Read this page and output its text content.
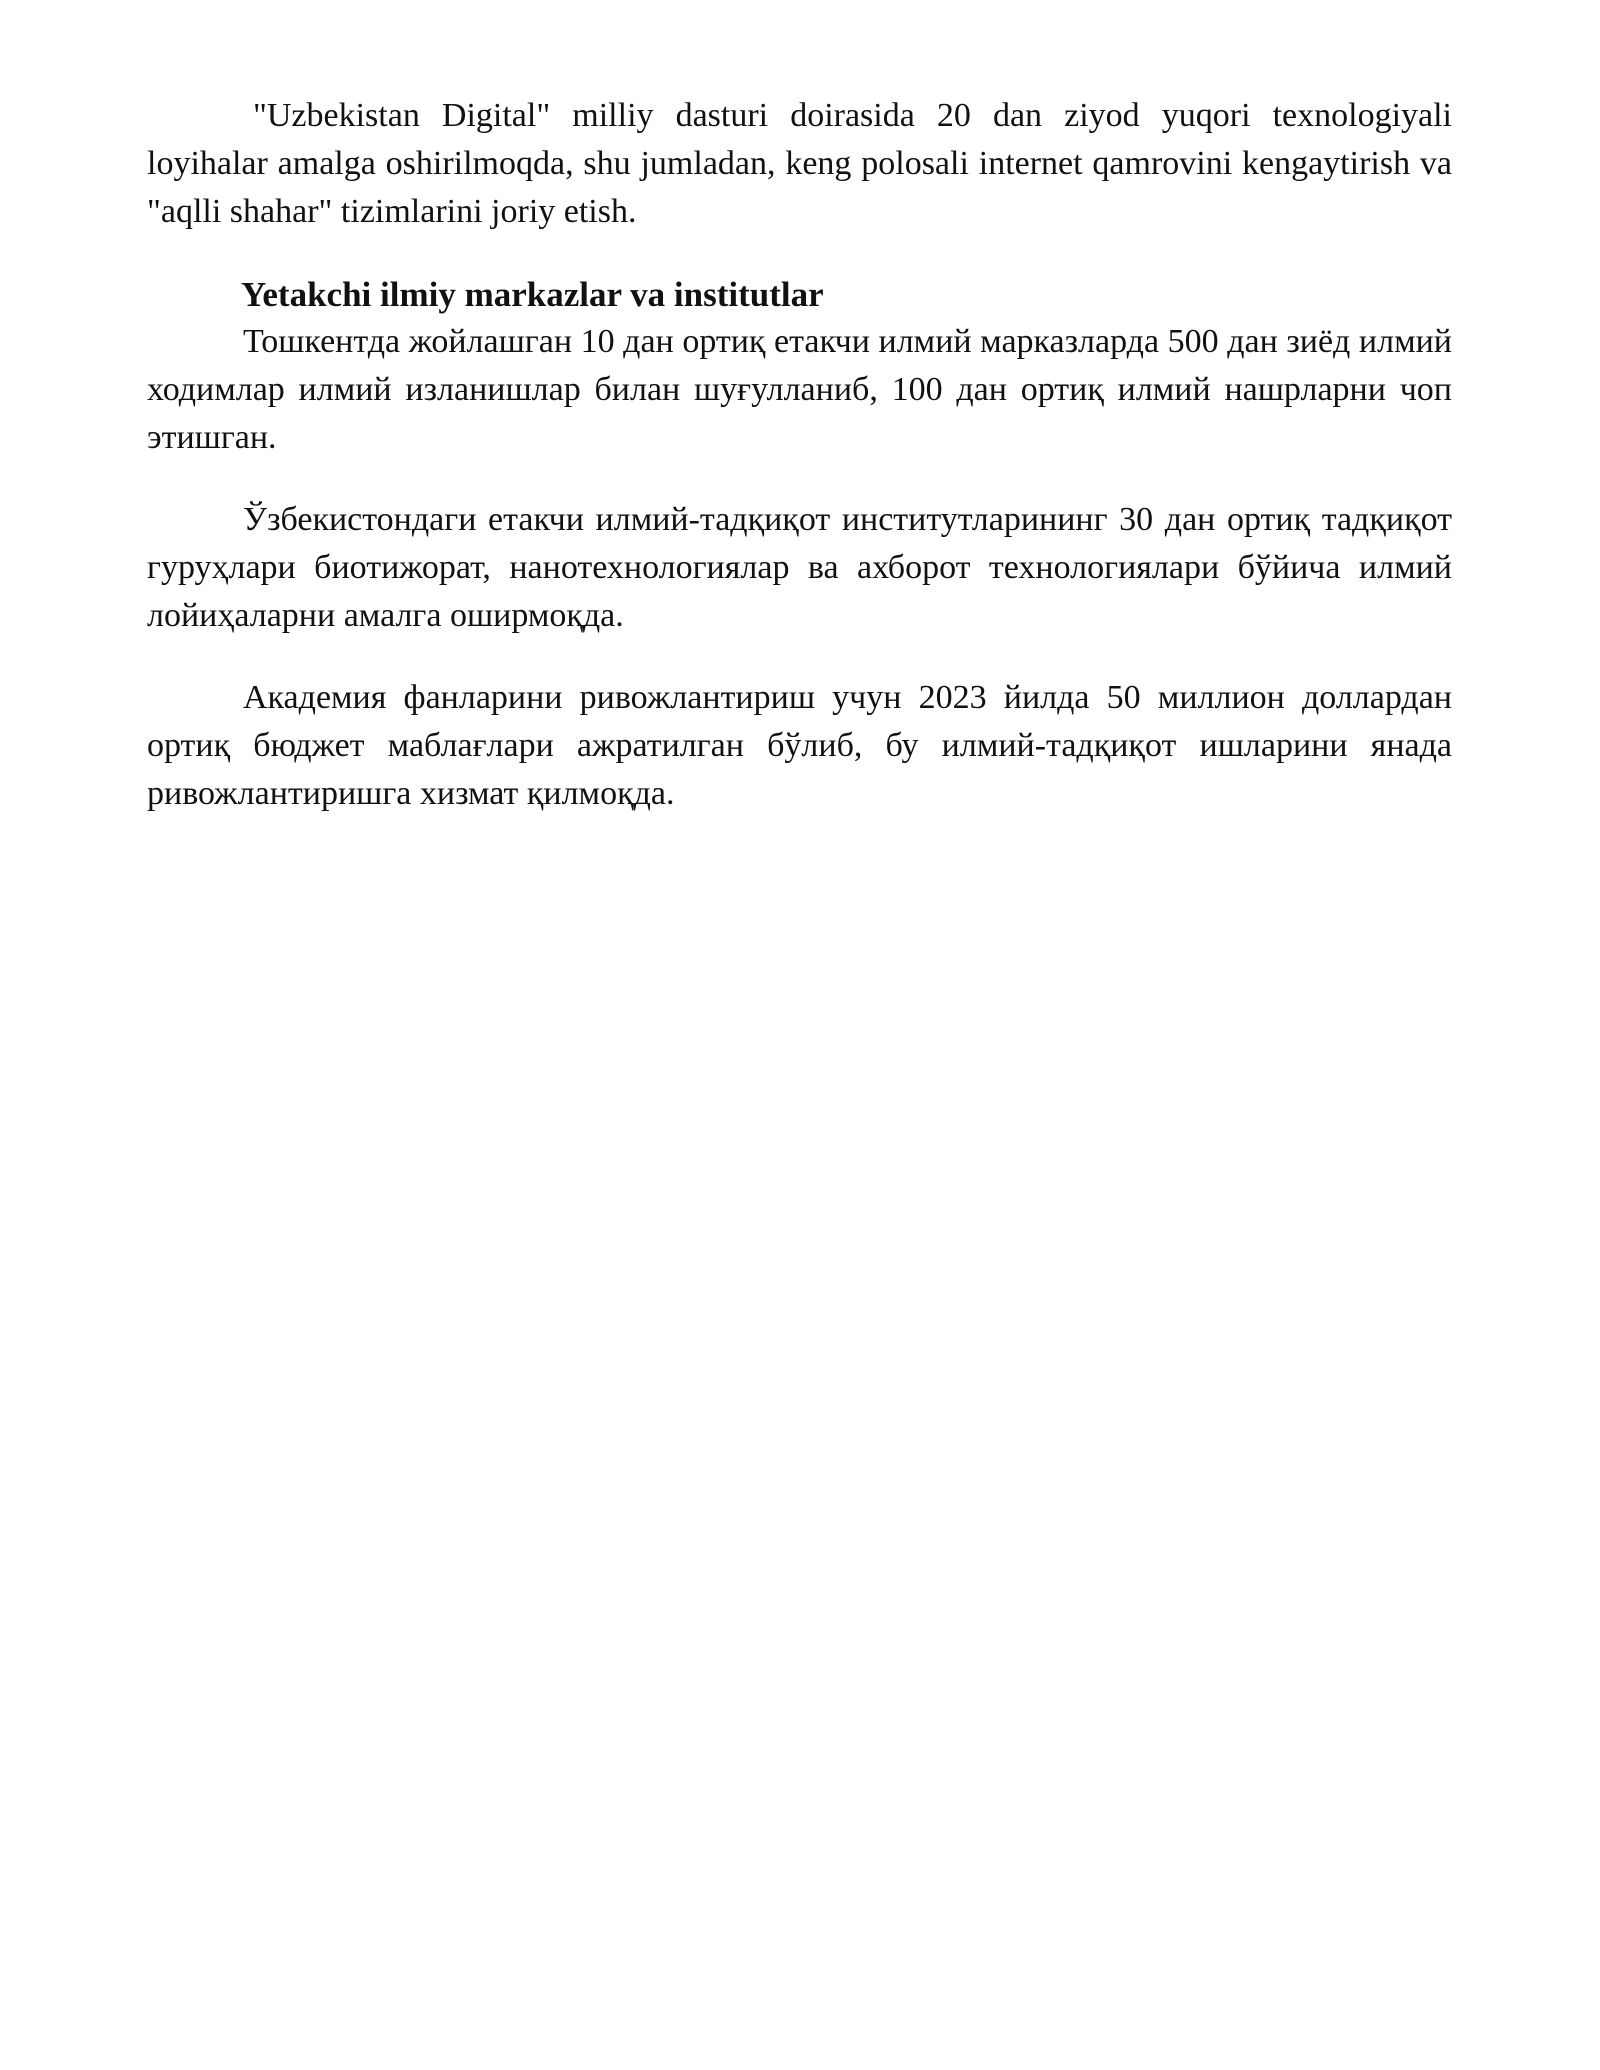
"Uzbekistan Digital" milliy dasturi doirasida 20 dan ziyod yuqori texnologiyali loyihalar amalga oshirilmoqda, shu jumladan, keng polosali internet qamrovini kengaytirish va "aqlli shahar" tizimlarini joriy etish.

Yetakchi ilmiy markazlar va institutlar

Тошкентда жойлашган 10 дан ортиқ етакчи илмий марказларда 500 дан зиёд илмий ходимлар илмий изланишлар билан шуғулланиб, 100 дан ортиқ илмий нашрларни чоп этишган.

Ўзбекистондаги етакчи илмий-тадқиқот институтларининг 30 дан ортиқ тадқиқот гуруҳлари биотижорат, нанотехнологиялар ва ахборот технологиялари бўйича илмий лойиҳаларни амалга оширмоқда.

Академия фанларини ривожлантириш учун 2023 йилда 50 миллион доллардан ортиқ бюджет маблағлари ажратилган бўлиб, бу илмий-тадқиқот ишларини янада ривожлантиришга хизмат қилмоқда.
